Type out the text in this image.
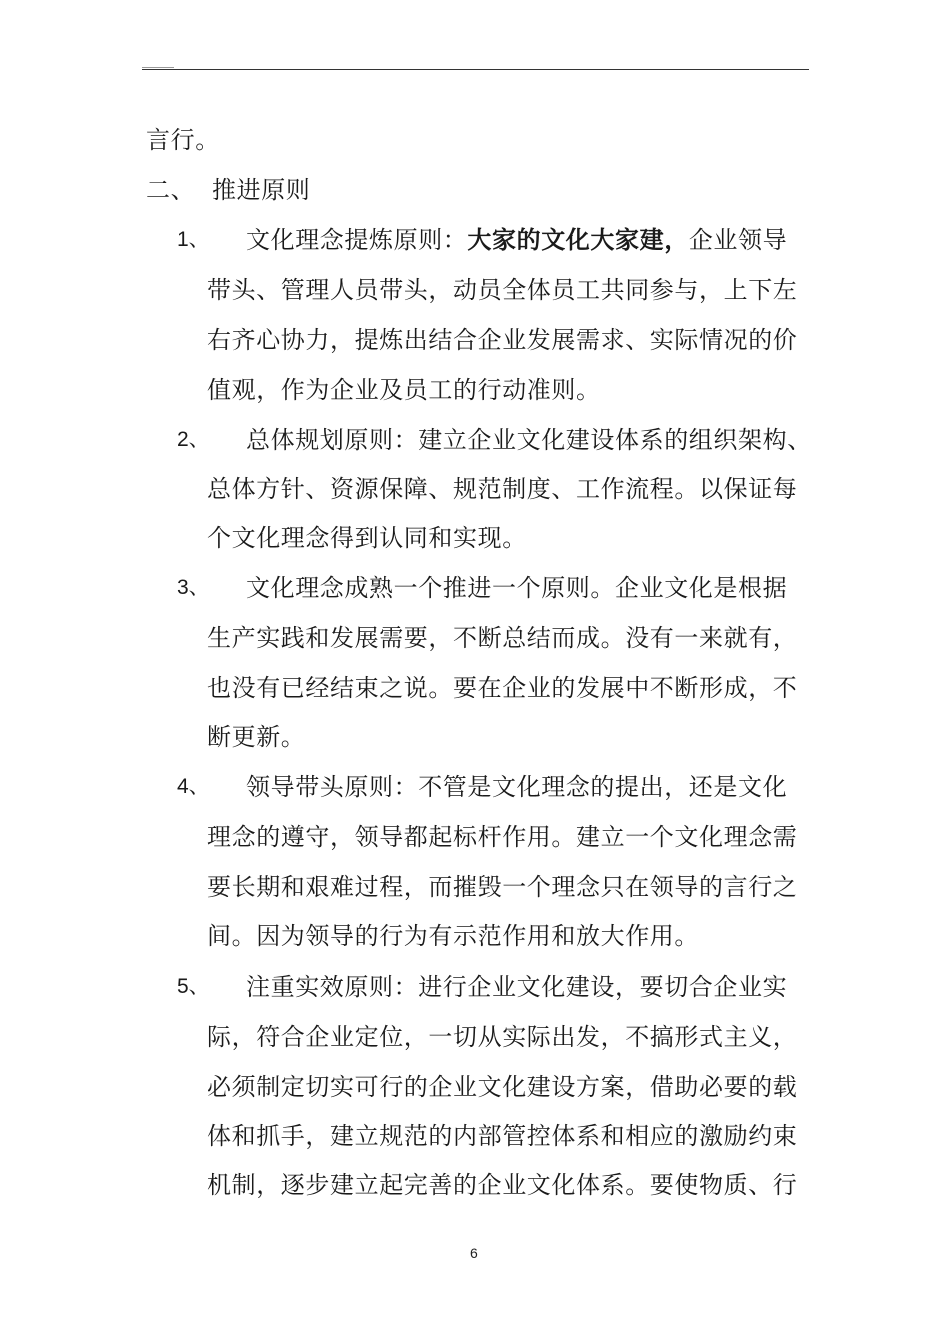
言行。
二、 推进原则
1、 文化理念提炼原则：大家的文化大家建，企业领导
带头、管理人员带头，动员全体员工共同参与，上下左
右齐心协力，提炼出结合企业发展需求、实际情况的价
值观，作为企业及员工的行动准则。
2、 总体规划原则：建立企业文化建设体系的组织架构、
总体方针、资源保障、规范制度、工作流程。以保证每
个文化理念得到认同和实现。
3、 文化理念成熟一个推进一个原则。企业文化是根据
生产实践和发展需要，不断总结而成。没有一来就有，
也没有已经结束之说。要在企业的发展中不断形成，不
断更新。
4、 领导带头原则：不管是文化理念的提出，还是文化
理念的遵守，领导都起标杆作用。建立一个文化理念需
要长期和艰难过程，而摧毁一个理念只在领导的言行之
间。因为领导的行为有示范作用和放大作用。
5、 注重实效原则：进行企业文化建设，要切合企业实
际，符合企业定位，一切从实际出发，不搞形式主义，
必须制定切实可行的企业文化建设方案，借助必要的载
体和抓手，建立规范的内部管控体系和相应的激励约束
机制，逐步建立起完善的企业文化体系。要使物质、行
6
